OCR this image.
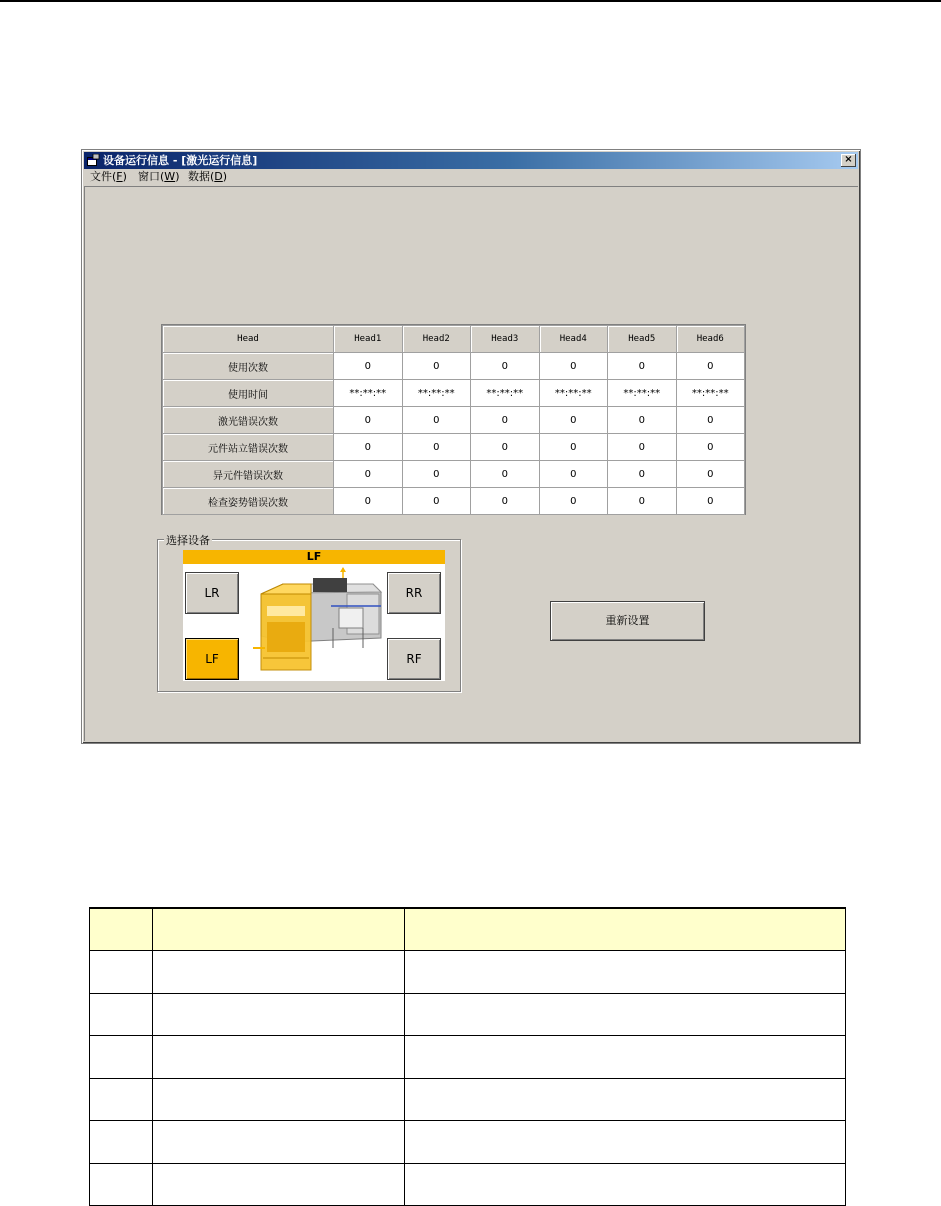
设备运行信息 - [激光运行信息]	×
文件(F) 窗口(W) 数据(D)
Head	Head1	Head2	Head3	Head4	Head5	Head6
使用次数	0	0	0	0	0	0
使用时间	**:**:**	**:**:**	**:**:**	**:**:**	**:**:**	**:**:**
激光错误次数	0	0	0	0	0	0
元件站立错误次数	0	0	0	0	0	0
异元件错误次数	0	0	0	0	0	0
检查姿势错误次数	0	0	0	0	0	0
选择设备
LF
LR	RR
LF	RF
重新设置
